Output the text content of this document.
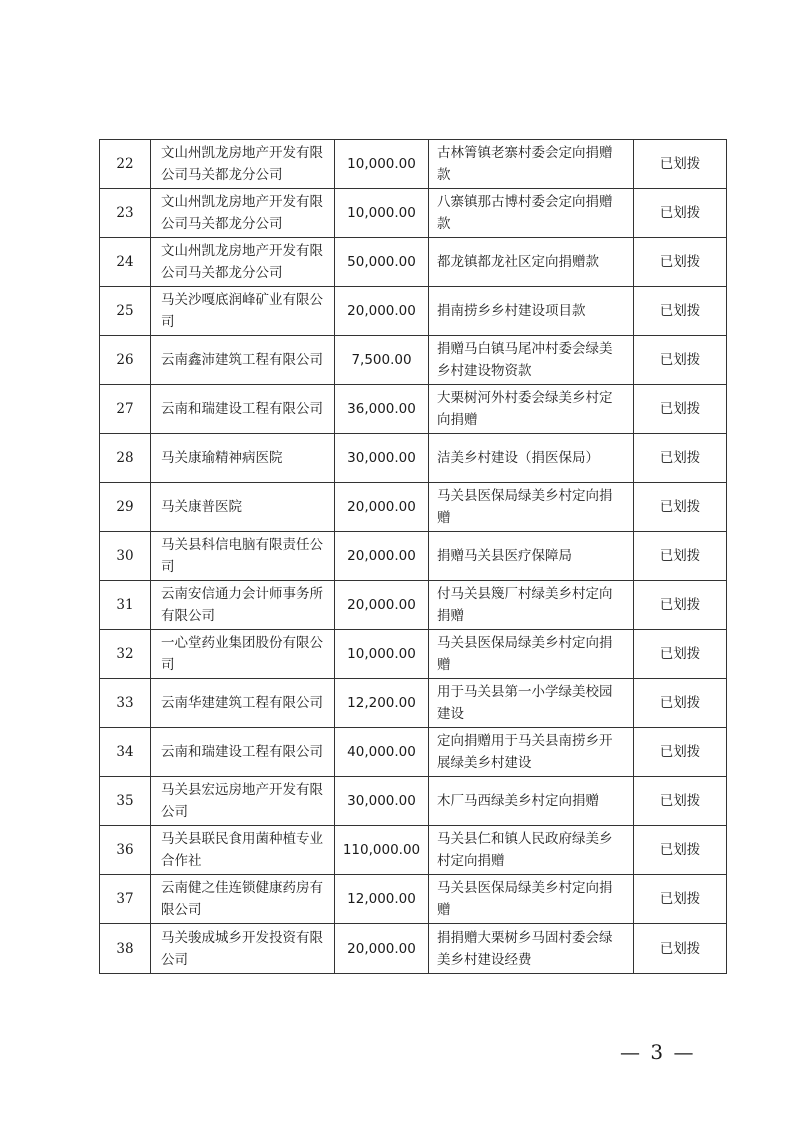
22	文山州凯龙房地产开发有限公司马关都龙分公司	10,000.00	古林箐镇老寨村委会定向捐赠款	已划拨
23	文山州凯龙房地产开发有限公司马关都龙分公司	10,000.00	八寨镇那古博村委会定向捐赠款	已划拨
24	文山州凯龙房地产开发有限公司马关都龙分公司	50,000.00	都龙镇都龙社区定向捐赠款	已划拨
25	马关沙嘎底润峰矿业有限公司	20,000.00	捐南捞乡乡村建设项目款	已划拨
26	云南鑫沛建筑工程有限公司	7,500.00	捐赠马白镇马尾冲村委会绿美乡村建设物资款	已划拨
27	云南和瑞建设工程有限公司	36,000.00	大栗树河外村委会绿美乡村定向捐赠	已划拨
28	马关康瑜精神病医院	30,000.00	洁美乡村建设（捐医保局）	已划拨
29	马关康普医院	20,000.00	马关县医保局绿美乡村定向捐赠	已划拨
30	马关县科信电脑有限责任公司	20,000.00	捐赠马关县医疗保障局	已划拨
31	云南安信通力会计师事务所有限公司	20,000.00	付马关县篾厂村绿美乡村定向捐赠	已划拨
32	一心堂药业集团股份有限公司	10,000.00	马关县医保局绿美乡村定向捐赠	已划拨
33	云南华建建筑工程有限公司	12,200.00	用于马关县第一小学绿美校园建设	已划拨
34	云南和瑞建设工程有限公司	40,000.00	定向捐赠用于马关县南捞乡开展绿美乡村建设	已划拨
35	马关县宏远房地产开发有限公司	30,000.00	木厂马西绿美乡村定向捐赠	已划拨
36	马关县联民食用菌种植专业合作社	110,000.00	马关县仁和镇人民政府绿美乡村定向捐赠	已划拨
37	云南健之佳连锁健康药房有限公司	12,000.00	马关县医保局绿美乡村定向捐赠	已划拨
38	马关骏成城乡开发投资有限公司	20,000.00	捐捐赠大栗树乡马固村委会绿美乡村建设经费	已划拨
— 3 —
